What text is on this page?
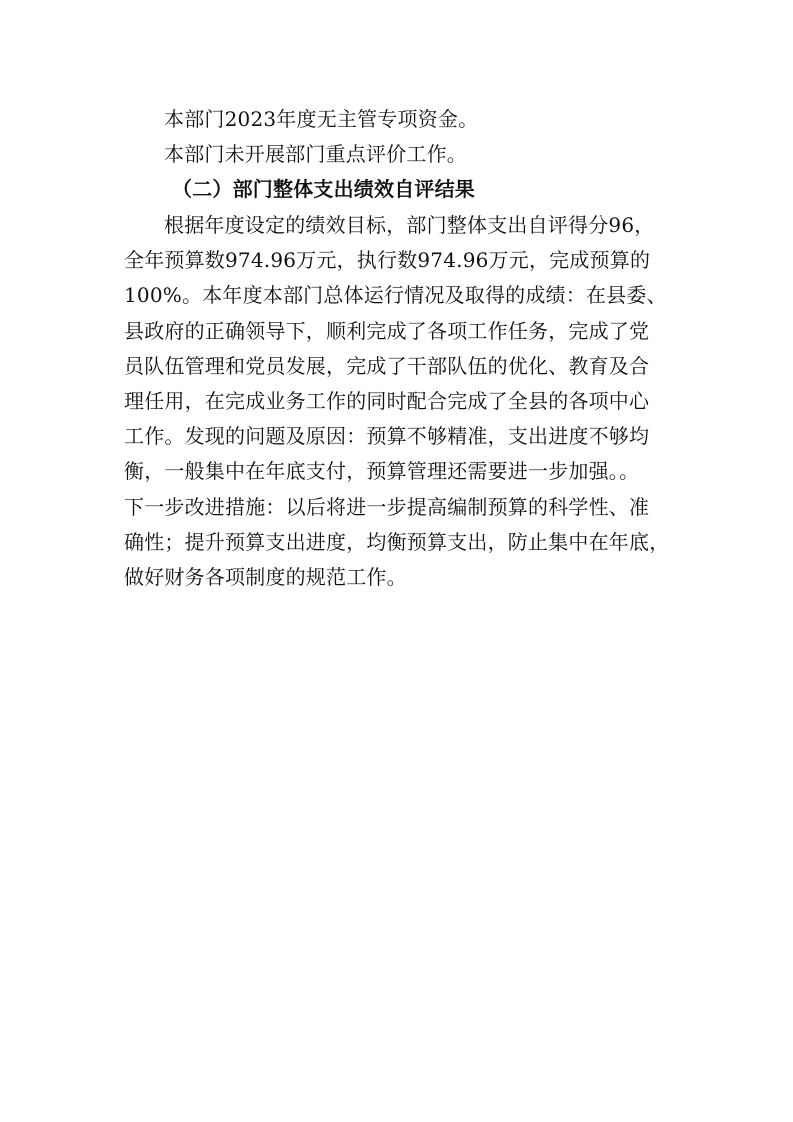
本部门2023年度无主管专项资金。
本部门未开展部门重点评价工作。
（二）部门整体支出绩效自评结果
根据年度设定的绩效目标，部门整体支出自评得分96，
全年预算数974.96万元，执行数974.96万元，完成预算的
100%。本年度本部门总体运行情况及取得的成绩：在县委、
县政府的正确领导下，顺利完成了各项工作任务，完成了党
员队伍管理和党员发展，完成了干部队伍的优化、教育及合
理任用，在完成业务工作的同时配合完成了全县的各项中心
工作。发现的问题及原因：预算不够精准，支出进度不够均
衡，一般集中在年底支付，预算管理还需要进一步加强。。
下一步改进措施：以后将进一步提高编制预算的科学性、准
确性；提升预算支出进度，均衡预算支出，防止集中在年底，
做好财务各项制度的规范工作。
